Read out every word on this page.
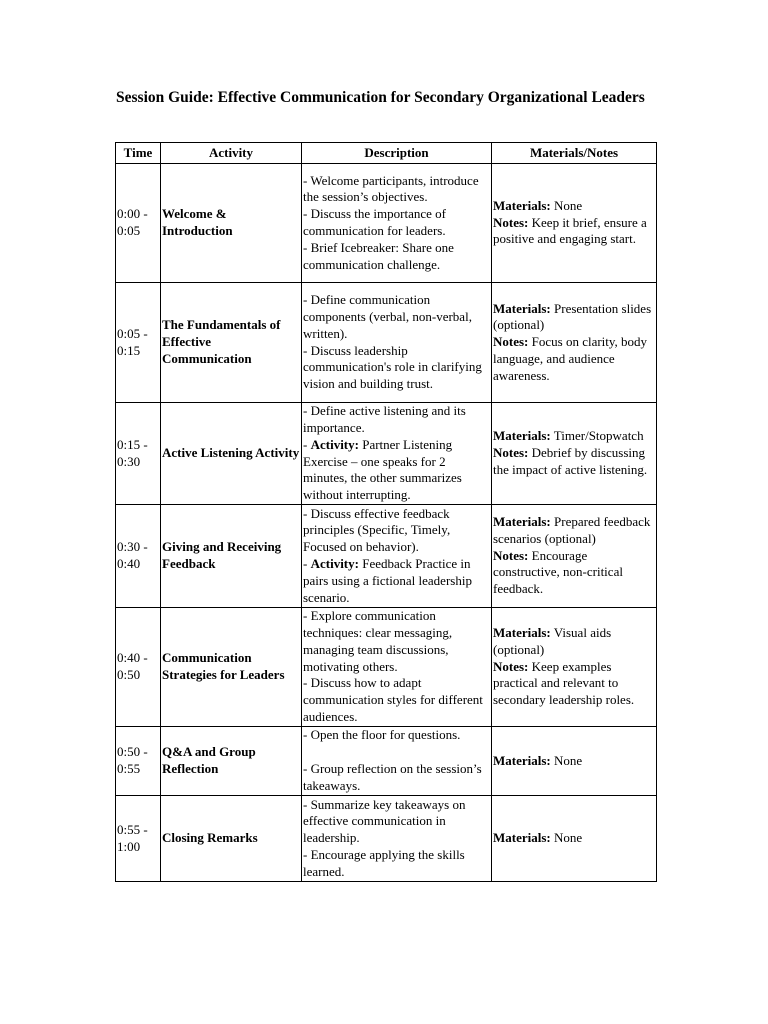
Session Guide: Effective Communication for Secondary Organizational Leaders
Time	Activity	Description	Materials/Notes
0:00 - 0:05	Welcome & Introduction	- Welcome participants, introduce the session’s objectives.
- Discuss the importance of communication for leaders.
- Brief Icebreaker: Share one communication challenge.	Materials: None
Notes: Keep it brief, ensure a positive and engaging start.

0:05 - 0:15	The Fundamentals of Effective Communication	- Define communication components (verbal, non-verbal, written).
- Discuss leadership communication's role in clarifying vision and building trust.	Materials: Presentation slides (optional)
Notes: Focus on clarity, body language, and audience awareness.

0:15 - 0:30	Active Listening Activity	- Define active listening and its importance.
- Activity: Partner Listening Exercise – one speaks for 2 minutes, the other summarizes without interrupting.	Materials: Timer/Stopwatch
Notes: Debrief by discussing the impact of active listening.

0:30 - 0:40	Giving and Receiving Feedback	- Discuss effective feedback principles (Specific, Timely, Focused on behavior).
- Activity: Feedback Practice in pairs using a fictional leadership scenario.	Materials: Prepared feedback scenarios (optional)
Notes: Encourage constructive, non-critical feedback.

0:40 - 0:50	Communication Strategies for Leaders	- Explore communication techniques: clear messaging, managing team discussions, motivating others.
- Discuss how to adapt communication styles for different audiences.	Materials: Visual aids (optional)
Notes: Keep examples practical and relevant to secondary leadership roles.

0:50 - 0:55	Q&A and Group Reflection	- Open the floor for questions.
- Group reflection on the session’s takeaways.	Materials: None

0:55 - 1:00	Closing Remarks	- Summarize key takeaways on effective communication in leadership.
- Encourage applying the skills learned.	Materials: None
